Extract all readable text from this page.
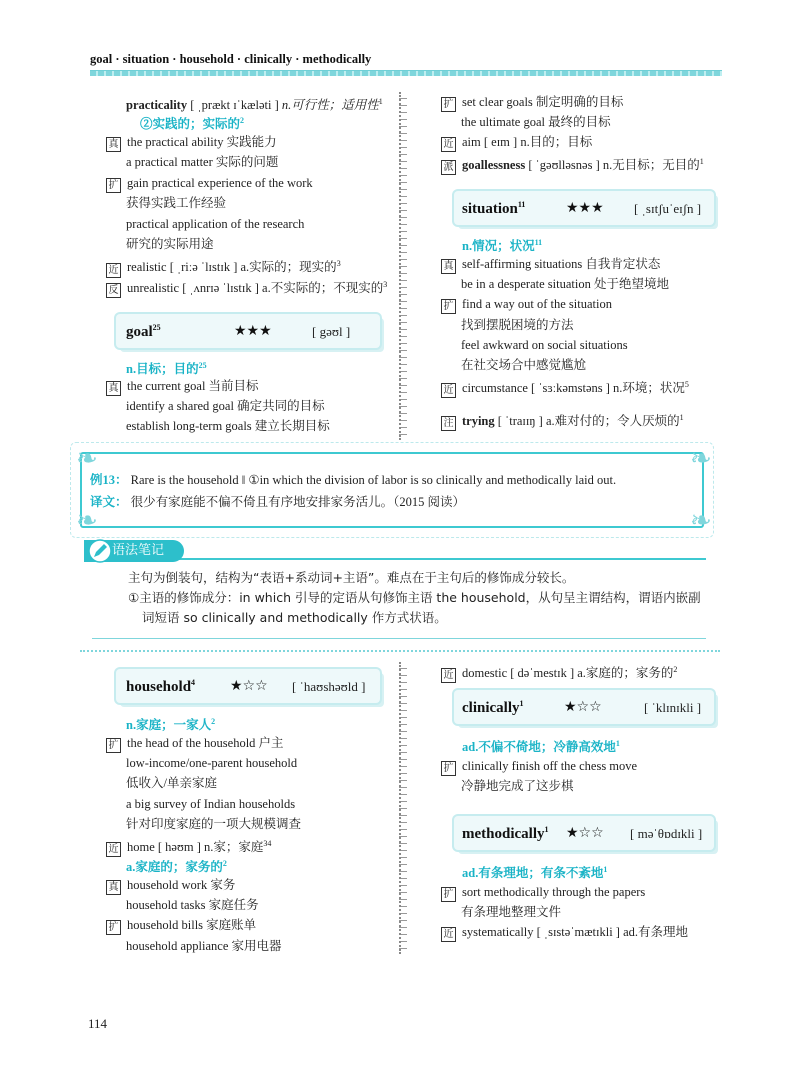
goal · situation · household · clinically · methodically
practicality [ ˌprækt ɪˈkælәti ] n.可行性；适用性$^1$
②实践的；实际的$^2$
真 the practical ability 实践能力
a practical matter 实际的问题
扩 gain practical experience of the work
获得实践工作经验
practical application of the research
研究的实际用途
近 realistic [ ˌriːә ˈlɪstɪk ] a.实际的；现实的$^3$
反 unrealistic [ ˌʌnrɪә ˈlɪstɪk ] a.不实际的；不现实的$^3$
goal$^{25}$	★★★	[ gәʊl ]
n.目标；目的$^{25}$
真 the current goal 当前目标
identify a shared goal 确定共同的目标
establish long-term goals 建立长期目标
扩 set clear goals 制定明确的目标
the ultimate goal 最终的目标
近 aim [ eɪm ] n.目的；目标
派 goallessness [ ˈgәʊllәsnәs ] n.无目标；无目的$^1$
situation$^{11}$	★★★ [ ˌsɪtʃuˈeɪʃn ]
n.情况；状况$^{11}$
真 self-affirming situations 自我肯定状态
be in a desperate situation 处于绝望境地
扩 find a way out of the situation
找到摆脱困境的方法
feel awkward on social situations
在社交场合中感觉尴尬
近 circumstance [ ˈsɜːkәmstәns ] n.环境；状况$^5$
注 trying [ ˈtraɪɪŋ ] a.难对付的；令人厌烦的$^1$
例13： Rare is the household ‖ ①in which the division of labor is so clinically and methodically laid out.
译文： 很少有家庭能不偏不倚且有序地安排家务活儿。（2015 阅读）
❧	❧
❧	❧
主句为倒装句，结构为“表语+系动词+主语”。难点在于主句后的修饰成分较长。
①主语的修饰成分：in which 引导的定语从句修饰主语 the household，从句呈主谓结构，谓语内嵌副
词短语 so clinically and methodically 作方式状语。
语法笔记
household$^4$ ★☆☆ [ ˈhaʊshәʊld ]
n.家庭；一家人$^2$
扩 the head of the household 户主
low-income/one-parent household
低收入/单亲家庭
a big survey of Indian households
针对印度家庭的一项大规模调查
近 home [ hәʊm ] n.家；家庭$^{34}$
a.家庭的；家务的$^2$
真 household work 家务
household tasks 家庭任务
扩 household bills 家庭账单
household appliance 家用电器
近 domestic [ dәˈmestɪk ] a.家庭的；家务的$^2$
clinically$^1$	★☆☆	[ ˈklɪnɪkli ]
ad.不偏不倚地；冷静高效地$^1$
扩 clinically finish off the chess move
冷静地完成了这步棋
methodically$^1$ ★☆☆ [ mәˈθɒdɪkli ]
ad.有条理地；有条不紊地$^1$
扩 sort methodically through the papers
有条理地整理文件
近 systematically [ ˌsɪstәˈmætɪkli ] ad.有条理地
114
